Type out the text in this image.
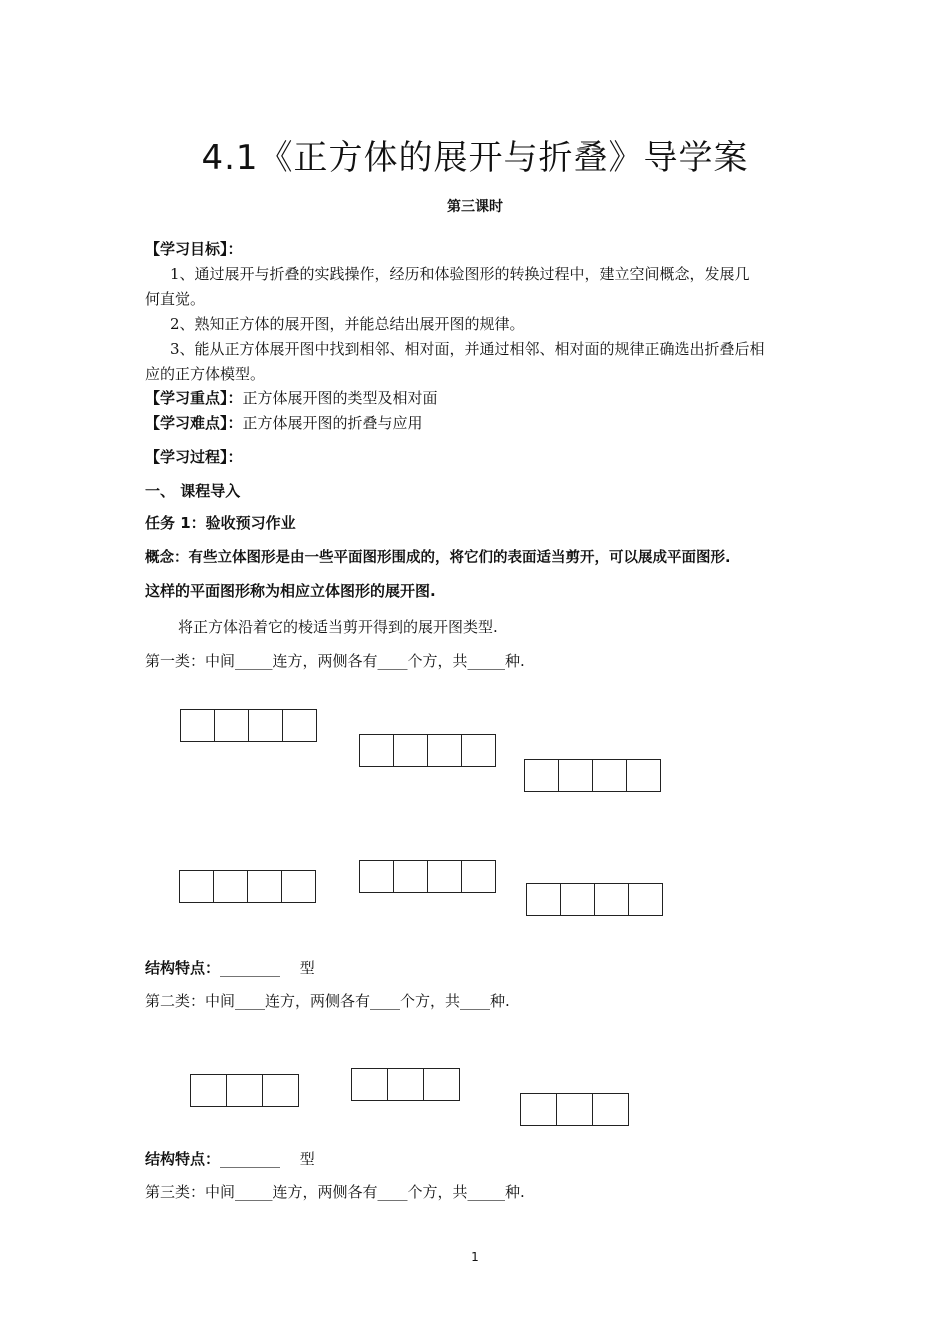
4.1《正方体的展开与折叠》导学案
第三课时
【学习目标】：
1、通过展开与折叠的实践操作，经历和体验图形的转换过程中，建立空间概念，发展几
何直觉。
2、熟知正方体的展开图，并能总结出展开图的规律。
3、能从正方体展开图中找到相邻、相对面，并通过相邻、相对面的规律正确选出折叠后相
应的正方体模型。
【学习重点】：正方体展开图的类型及相对面
【学习难点】：正方体展开图的折叠与应用
【学习过程】：
一、 课程导入
任务 1：验收预习作业
概念：有些立体图形是由一些平面图形围成的，将它们的表面适当剪开，可以展成平面图形.
这样的平面图形称为相应立体图形的展开图.
将正方体沿着它的棱适当剪开得到的展开图类型.
第一类：中间_____连方，两侧各有____个方，共_____种.
结构特点：________　 型
第二类：中间____连方，两侧各有____个方，共____种.
结构特点：________　 型
第三类：中间_____连方，两侧各有____个方，共_____种.
1
